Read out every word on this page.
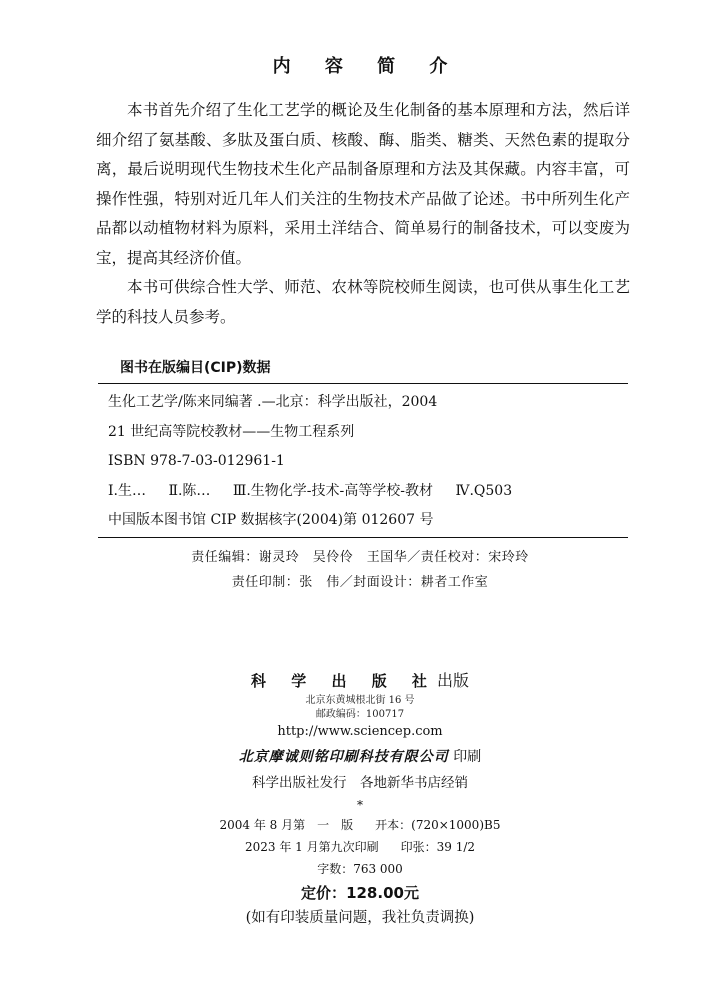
内 容 简 介

本书首先介绍了生化工艺学的概论及生化制备的基本原理和方法，然后详细介绍了氨基酸、多肽及蛋白质、核酸、酶、脂类、糖类、天然色素的提取分离，最后说明现代生物技术生化产品制备原理和方法及其保藏。内容丰富，可操作性强，特别对近几年人们关注的生物技术产品做了论述。书中所列生化产品都以动植物材料为原料，采用土洋结合、简单易行的制备技术，可以变废为宝，提高其经济价值。

本书可供综合性大学、师范、农林等院校师生阅读，也可供从事生化工艺学的科技人员参考。

图书在版编目(CIP)数据
生化工艺学/陈来同编著 .—北京：科学出版社，2004
21 世纪高等院校教材——生物工程系列
ISBN 978-7-03-012961-1
Ⅰ.生… Ⅱ.陈… Ⅲ.生物化学-技术-高等学校-教材 Ⅳ.Q503
中国版本图书馆 CIP 数据核字(2004)第 012607 号
责任编辑：谢灵玲　吴伶伶　王国华／责任校对：宋玲玲
责任印制：张　伟／封面设计：耕者工作室
科 学 出 版 社出版
北京东黄城根北街 16 号
邮政编码：100717
http://www.sciencep.com
北京摩诚则铭印刷科技有限公司 印刷
科学出版社发行　各地新华书店经销
*
2004 年 8 月第　一　版 开本：(720×1000)B5
2023 年 1 月第九次印刷 印张：39 1/2
字数：763 000
定价：128.00元
(如有印装质量问题，我社负责调换)
